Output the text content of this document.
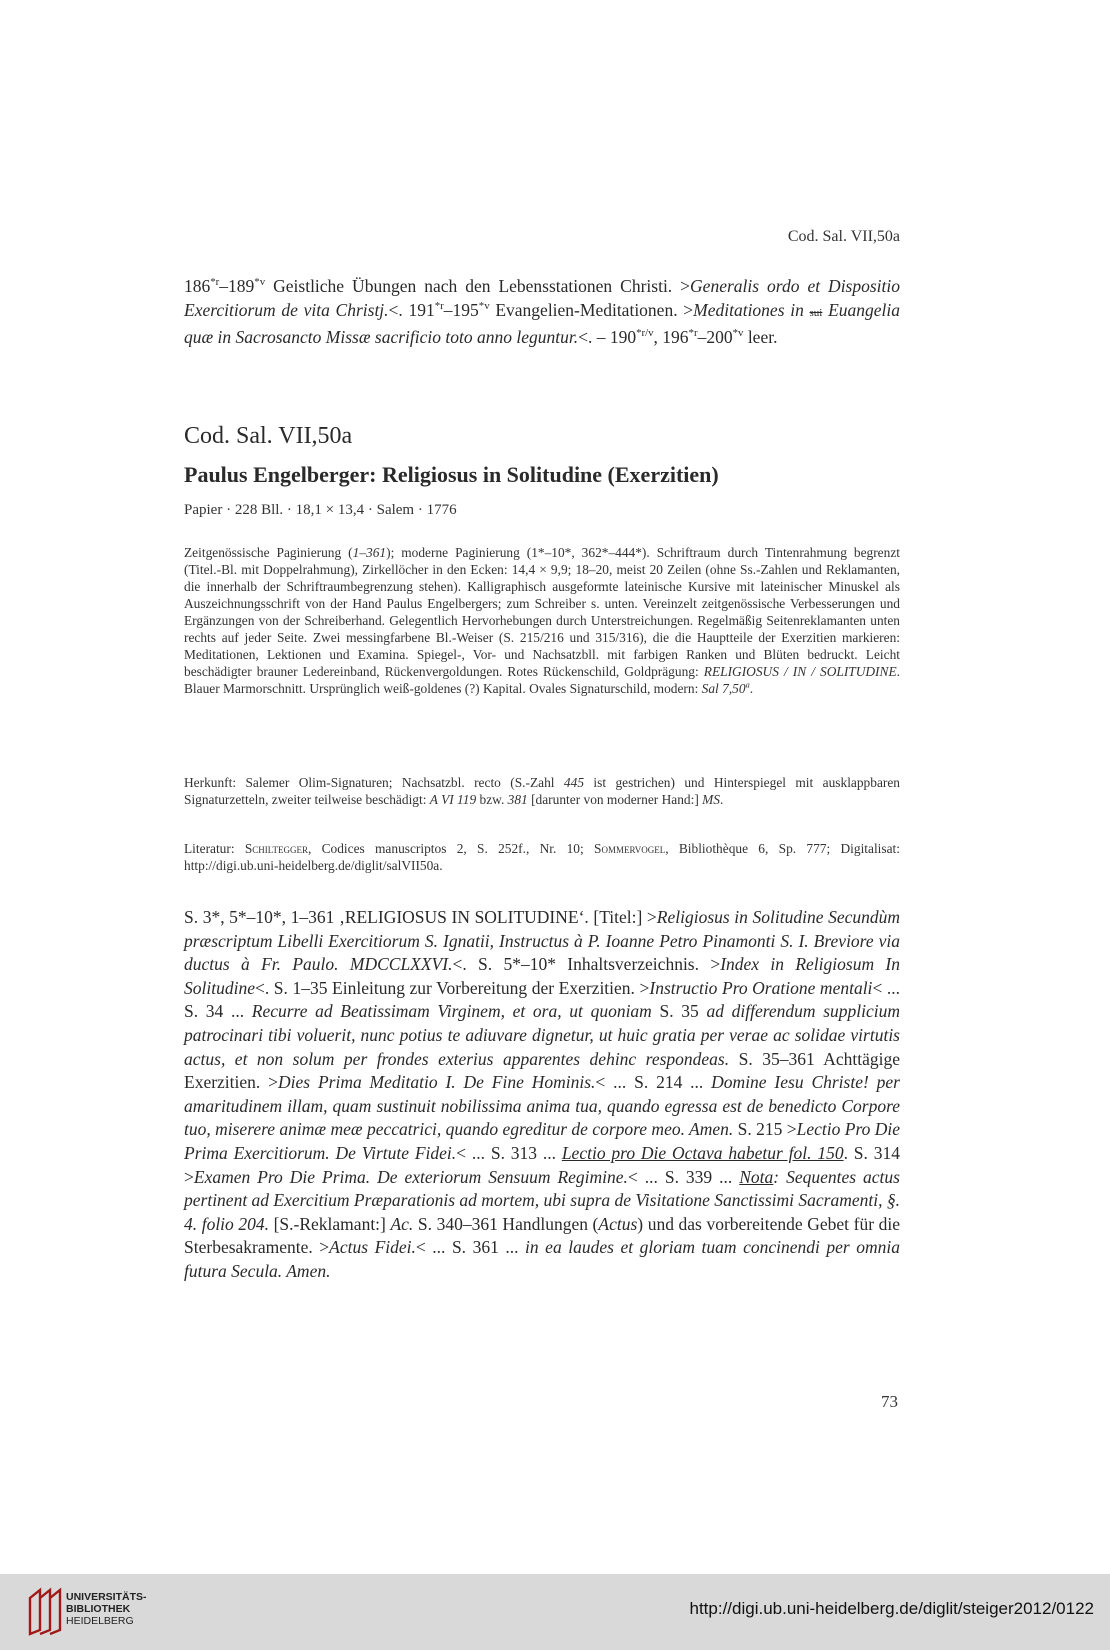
Cod. Sal. VII,50a
186$^{*r}$–189$^{*v}$ Geistliche Übungen nach den Lebensstationen Christi. >Generalis ordo et Dispositio Exercitiorum de vita Christj.<. 191$^{*r}$–195$^{*v}$ Evangelien-Meditationen. >Meditationes in sui Euangelia quæ in Sacrosancto Missæ sacrificio toto anno leguntur.<. – $190^{*r/v}$, 196$^{*r}$–200$^{*v}$ leer.
Cod. Sal. VII,50a
Paulus Engelberger: Religiosus in Solitudine (Exerzitien)
Papier · 228 Bll. · 18,1 × 13,4 · Salem · 1776
Zeitgenössische Paginierung (1–361); moderne Paginierung (1*–10*, 362*–444*). Schriftraum durch Tintenrahmung begrenzt (Titel.-Bl. mit Doppelrahmung), Zirkellöcher in den Ecken: 14,4 × 9,9; 18–20, meist 20 Zeilen (ohne Ss.-Zahlen und Reklamanten, die innerhalb der Schriftraumbegrenzung stehen). Kalligraphisch ausgeformte lateinische Kursive mit lateinischer Minuskel als Auszeichnungsschrift von der Hand Paulus Engelbergers; zum Schreiber s. unten. Vereinzelt zeitgenössische Verbesserungen und Ergänzungen von der Schreiberhand. Gelegentlich Hervorhebungen durch Unterstreichungen. Regelmäßig Seitenreklamanten unten rechts auf jeder Seite. Zwei messingfarbene Bl.-Weiser (S. 215/216 und 315/316), die die Hauptteile der Exerzitien markieren: Meditationen, Lektionen und Examina. Spiegel-, Vor- und Nachsatzbll. mit farbigen Ranken und Blüten bedruckt. Leicht beschädigter brauner Ledereinband, Rückenvergoldungen. Rotes Rückenschild, Goldprägung: RELIGIOSUS / IN / SOLITUDINE. Blauer Marmorschnitt. Ursprünglich weiß-goldenes (?) Kapital. Ovales Signaturschild, modern: Sal 7,50$^a$.
Herkunft: Salemer Olim-Signaturen; Nachsatzbl. recto (S.-Zahl 445 ist gestrichen) und Hinterspiegel mit ausklappbaren Signaturzetteln, zweiter teilweise beschädigt: A VI 119 bzw. 381 [darunter von moderner Hand:] MS.
Literatur: Schiltegger, Codices manuscriptos 2, S. 252f., Nr. 10; Sommervogel, Bibliothèque 6, Sp. 777; Digitalisat: http://digi.ub.uni-heidelberg.de/diglit/salVII50a.
S. 3*, 5*–10*, 1–361 ‚RELIGIOSUS IN SOLITUDINE‘. [Titel:] >Religiosus in Solitudine Secundùm præscriptum Libelli Exercitiorum S. Ignatii, Instructus à P. Ioanne Petro Pinamonti S. I. Breviore via ductus à Fr. Paulo. MDCCLXXVI.<. S. 5*–10* Inhaltsverzeichnis. >Index in Religiosum In Solitudine<. S. 1–35 Einleitung zur Vorbereitung der Exerzitien. >Instructio Pro Oratione mentali< ... S. 34 ... Recurre ad Beatissimam Virginem, et ora, ut quoniam S. 35 ad differendum supplicium patrocinari tibi voluerit, nunc potius te adiuvare dignetur, ut huic gratia per verae ac solidae virtutis actus, et non solum per frondes exterius apparentes dehinc respondeas. S. 35–361 Achttägige Exerzitien. >Dies Prima Meditatio I. De Fine Hominis.< ... S. 214 ... Domine Iesu Christe! per amaritudinem illam, quam sustinuit nobilissima anima tua, quando egressa est de benedicto Corpore tuo, miserere animæ meæ peccatrici, quando egreditur de corpore meo. Amen. S. 215 >Lectio Pro Die Prima Exercitiorum. De Virtute Fidei.< ... S. 313 ... Lectio pro Die Octava habetur fol. 150. S. 314 >Examen Pro Die Prima. De exteriorum Sensuum Regimine.< ... S. 339 ... Nota: Sequentes actus pertinent ad Exercitium Præparationis ad mortem, ubi supra de Visitatione Sanctissimi Sacramenti, §. 4. folio 204. [S.-Reklamant:] Ac. S. 340–361 Handlungen (Actus) und das vorbereitende Gebet für die Sterbesakramente. >Actus Fidei.< ... S. 361 ... in ea laudes et gloriam tuam concinendi per omnia futura Secula. Amen.
73
UNIVERSITÄTS-
BIBLIOTHEK
HEIDELBERG
http://digi.ub.uni-heidelberg.de/diglit/steiger2012/0122
